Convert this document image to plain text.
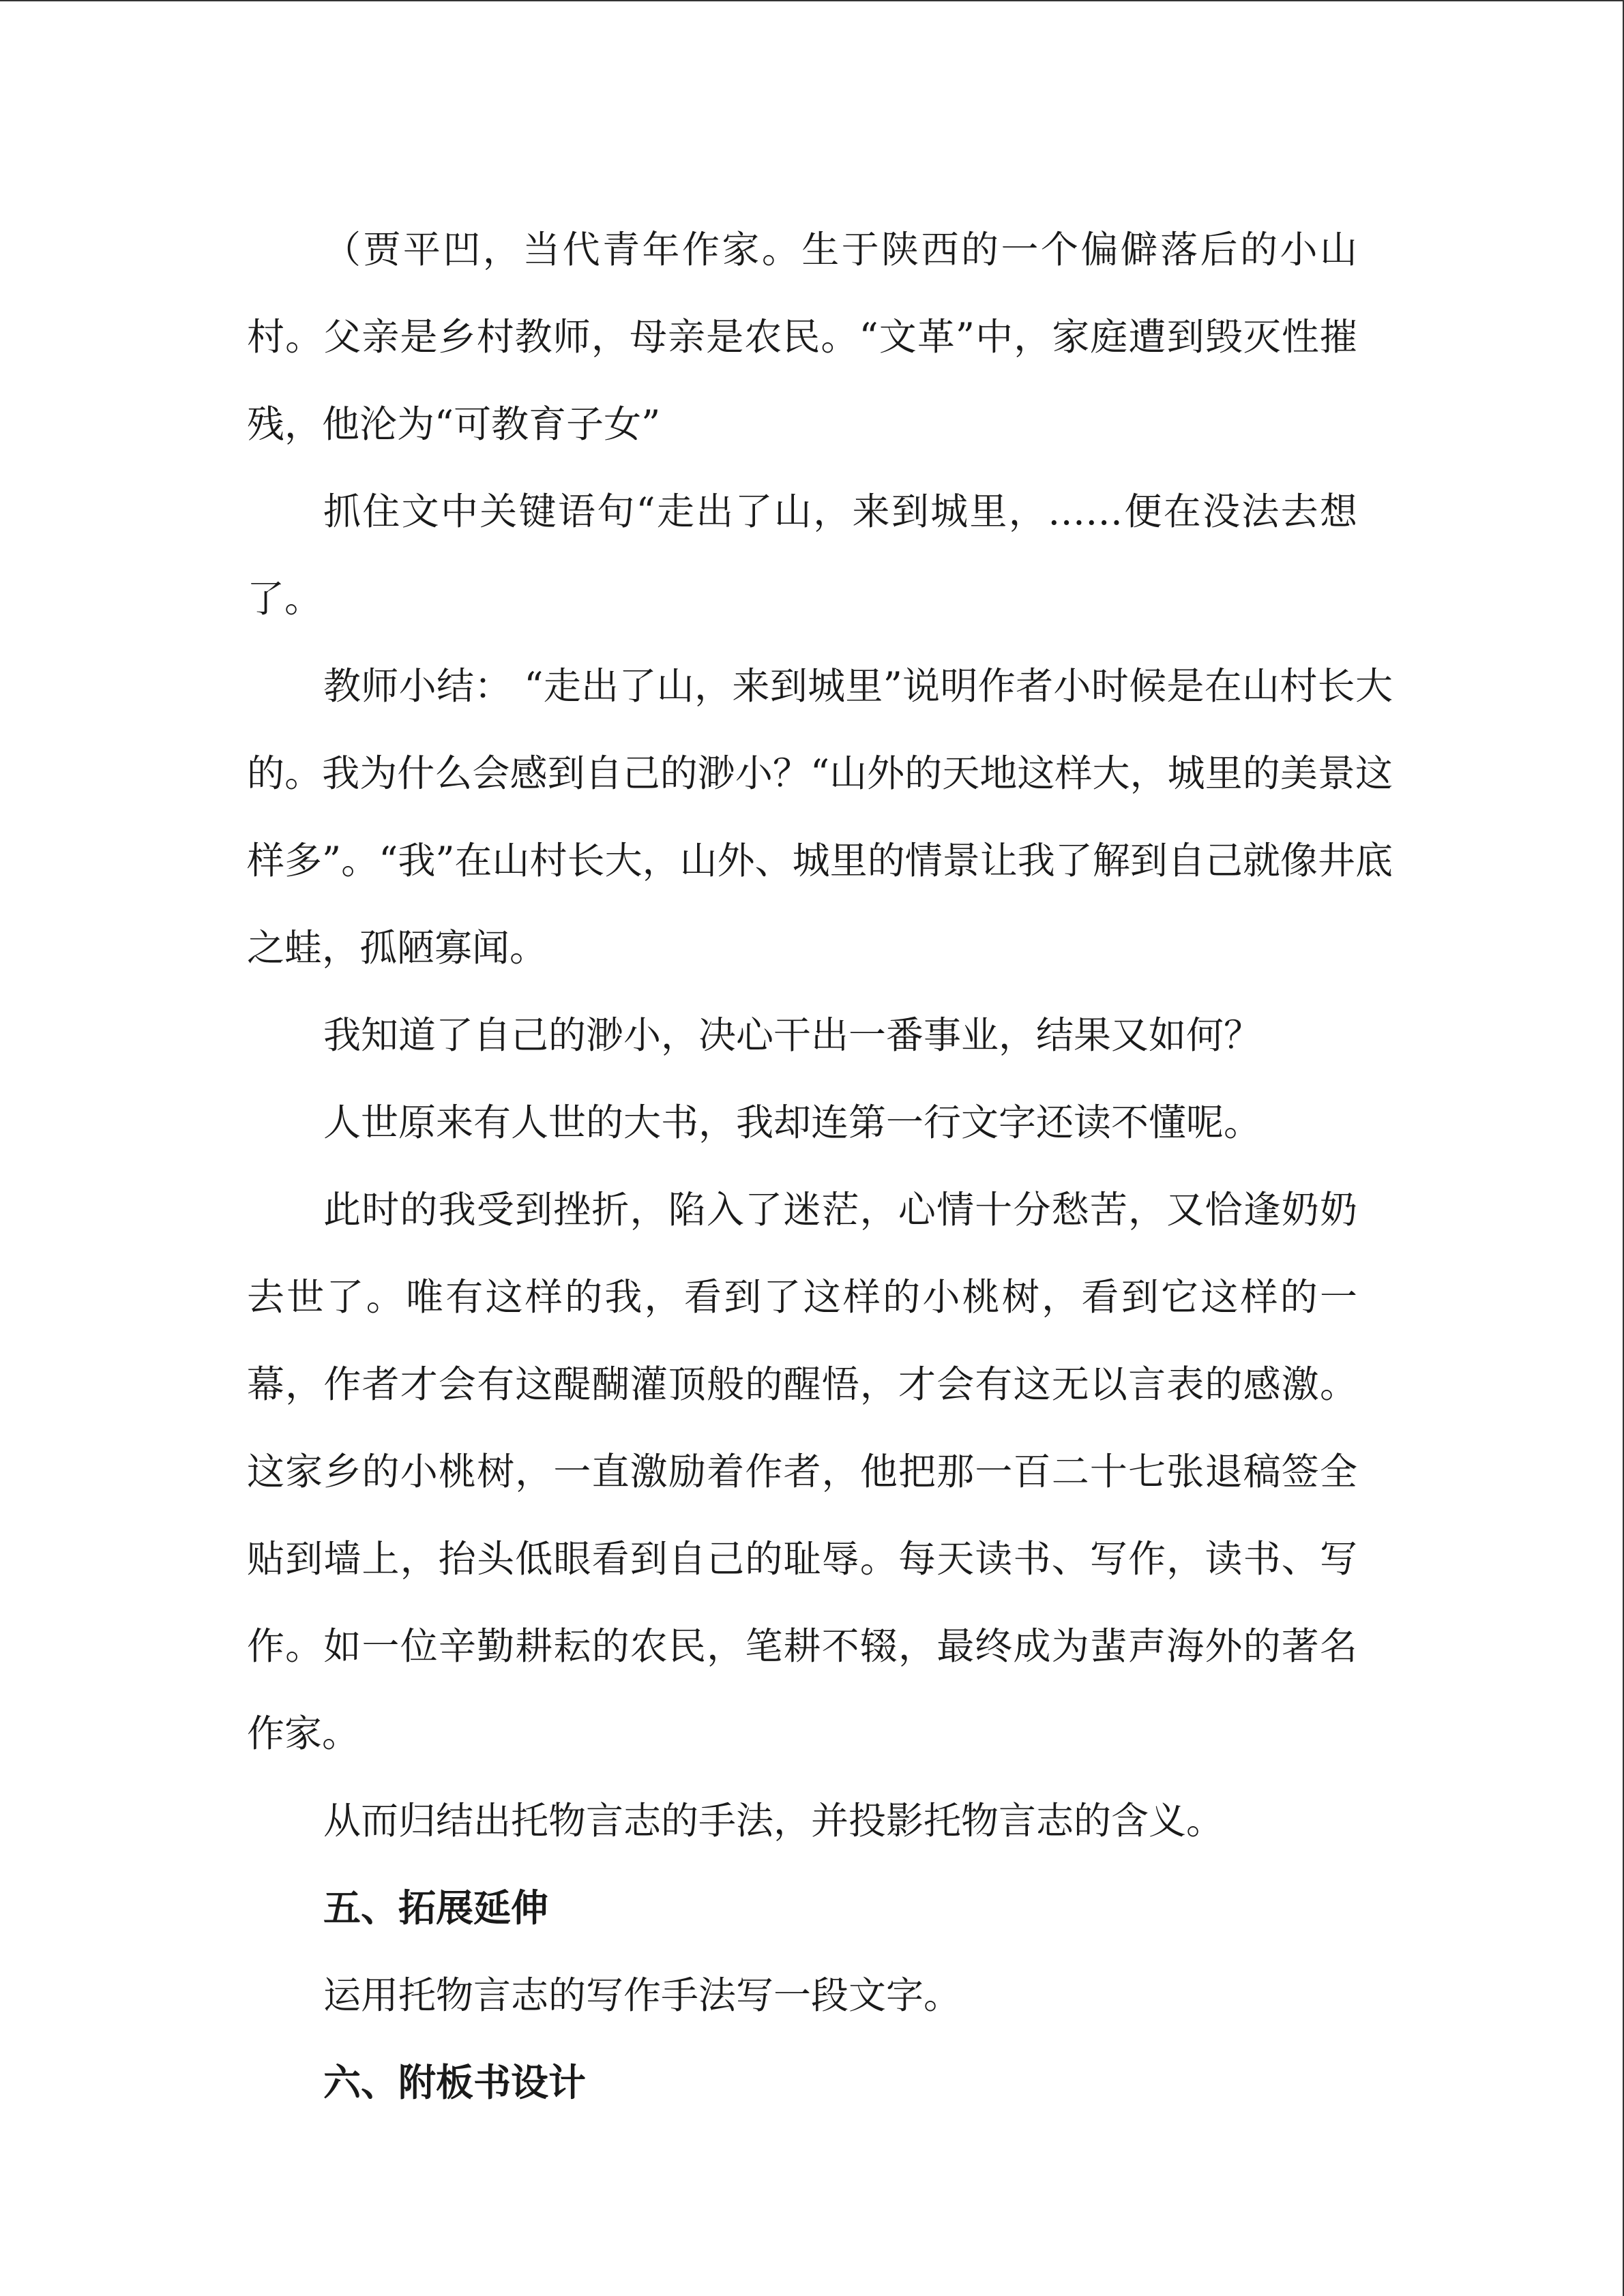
（贾平凹，当代青年作家。生于陕西的一个偏僻落后的小山村。父亲是乡村教师，母亲是农民。“文革”中，家庭遭到毁灭性摧残，他沦为“可教育子女”

抓住文中关键语句“走出了山，来到城里，……便在没法去想了。

教师小结： “走出了山，来到城里”说明作者小时候是在山村长大的。我为什么会感到自己的渺小？“山外的天地这样大，城里的美景这样多”。“我”在山村长大，山外、城里的情景让我了解到自己就像井底之蛙，孤陋寡闻。

我知道了自己的渺小，决心干出一番事业，结果又如何？

人世原来有人世的大书，我却连第一行文字还读不懂呢。

此时的我受到挫折，陷入了迷茫，心情十分愁苦，又恰逢奶奶去世了。唯有这样的我，看到了这样的小桃树，看到它这样的一幕，作者才会有这醍醐灌顶般的醒悟，才会有这无以言表的感激。这家乡的小桃树，一直激励着作者，他把那一百二十七张退稿签全贴到墙上，抬头低眼看到自己的耻辱。每天读书、写作，读书、写作。如一位辛勤耕耘的农民，笔耕不辍，最终成为蜚声海外的著名作家。

从而归结出托物言志的手法，并投影托物言志的含义。

五、拓展延伸

运用托物言志的写作手法写一段文字。

六、附板书设计
